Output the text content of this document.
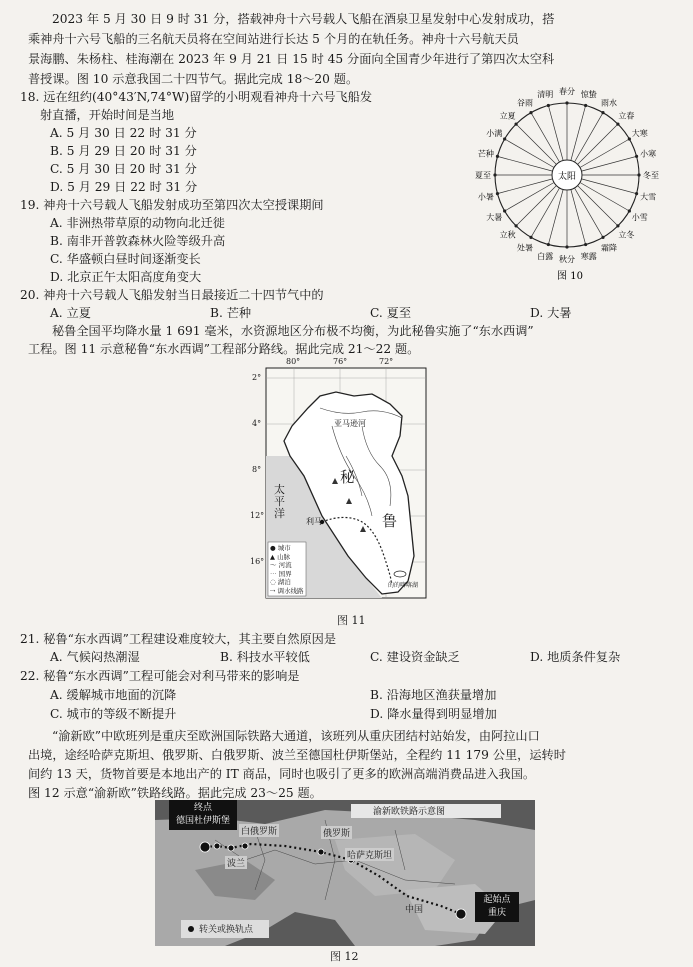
2023 年 5 月 30 日 9 时 31 分，搭载神舟十六号载人飞船在酒泉卫星发射中心发射成功，搭
乘神舟十六号飞船的三名航天员将在空间站进行长达 5 个月的在轨任务。神舟十六号航天员
景海鹏、朱杨柱、桂海潮在 2023 年 9 月 21 日 15 时 45 分面向全国青少年进行了第四次太空科
普授课。图 10 示意我国二十四节气。据此完成 18～20 题。
18. 远在纽约(40°43′N,74°W)留学的小明观看神舟十六号飞船发
射直播，开始时间是当地
A. 5 月 30 日 22 时 31 分
B. 5 月 29 日 20 时 31 分
C. 5 月 30 日 20 时 31 分
D. 5 月 29 日 22 时 31 分
19. 神舟十六号载人飞船发射成功至第四次太空授课期间
A. 非洲热带草原的动物向北迁徙
B. 南非开普敦森林火险等级升高
C. 华盛顿白昼时间逐渐变长
D. 北京正午太阳高度角变大
20. 神舟十六号载人飞船发射当日最接近二十四节气中的
A. 立夏	B. 芒种	C. 夏至	D. 大暑
春分
清明
谷雨
立夏
小满
芒种
夏至
小暑
大暑
立秋
处暑
白露 秋分 寒露
霜降
立冬
小雪
大雪
冬至
小寒
大寒
立春
雨水
惊蛰
太阳
图 10
秘鲁全国平均降水量 1 691 毫米，水资源地区分布极不均衡，为此秘鲁实施了“东水西调”
工程。图 11 示意秘鲁“东水西调”工程部分路线。据此完成 21～22 题。
80°	76°	72°
2°
4°
8°
12°
16°
太
平
洋
秘
鲁
亚马逊河
利马
的的喀喀湖
● 城市
▲ 山脉
～ 河流
⋯ 国界
◌ 湖泊
⇢ 调水线路
图 11
21. 秘鲁“东水西调”工程建设难度较大，其主要自然原因是
A. 气候闷热潮湿	B. 科技水平较低	C. 建设资金缺乏	D. 地质条件复杂
22. 秘鲁“东水西调”工程可能会对利马带来的影响是
A. 缓解城市地面的沉降	B. 沿海地区渔获量增加
C. 城市的等级不断提升	D. 降水量得到明显增加
“渝新欧”中欧班列是重庆至欧洲国际铁路大通道，该班列从重庆团结村站始发，由阿拉山口
出境，途经哈萨克斯坦、俄罗斯、白俄罗斯、波兰至德国杜伊斯堡站，全程约 11 179 公里，运转时
间约 13 天，货物首要是本地出产的 IT 商品，同时也吸引了更多的欧洲高端消费品进入我国。
图 12 示意“渝新欧”铁路线路。据此完成 23～25 题。
渝新欧铁路示意图
终点
德国杜伊斯堡
起始点
重庆
白俄罗斯	俄罗斯
哈萨克斯坦
波兰
中国
转关或换轨点
图 12
